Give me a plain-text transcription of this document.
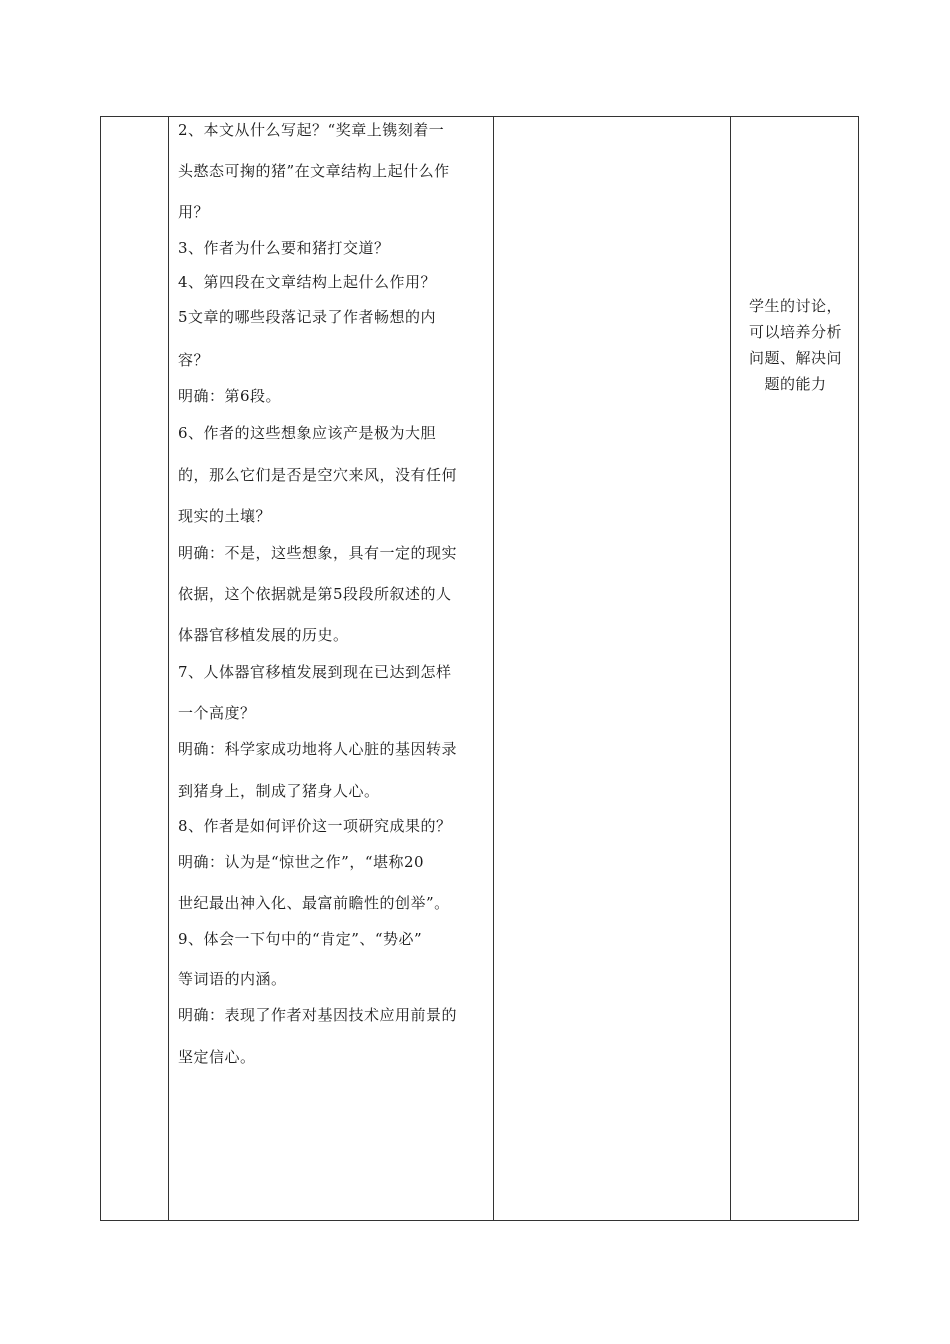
2、本文从什么写起？“奖章上镌刻着一
头憨态可掬的猪”在文章结构上起什么作
用？
3、作者为什么要和猪打交道？
4、第四段在文章结构上起什么作用？
5文章的哪些段落记录了作者畅想的内
容？
明确：第6段。
6、作者的这些想象应该产是极为大胆
的，那么它们是否是空穴来风，没有任何
现实的土壤？
明确：不是，这些想象，具有一定的现实
依据，这个依据就是第5段段所叙述的人
体器官移植发展的历史。
7、人体器官移植发展到现在已达到怎样
一个高度？
明确：科学家成功地将人心脏的基因转录
到猪身上，制成了猪身人心。
8、作者是如何评价这一项研究成果的？
明确：认为是“惊世之作”，“堪称20
世纪最出神入化、最富前瞻性的创举”。
9、体会一下句中的“肯定”、“势必”
等词语的内涵。
明确：表现了作者对基因技术应用前景的
坚定信心。
学生的讨论，
可以培养分析
问题、解决问
题的能力
